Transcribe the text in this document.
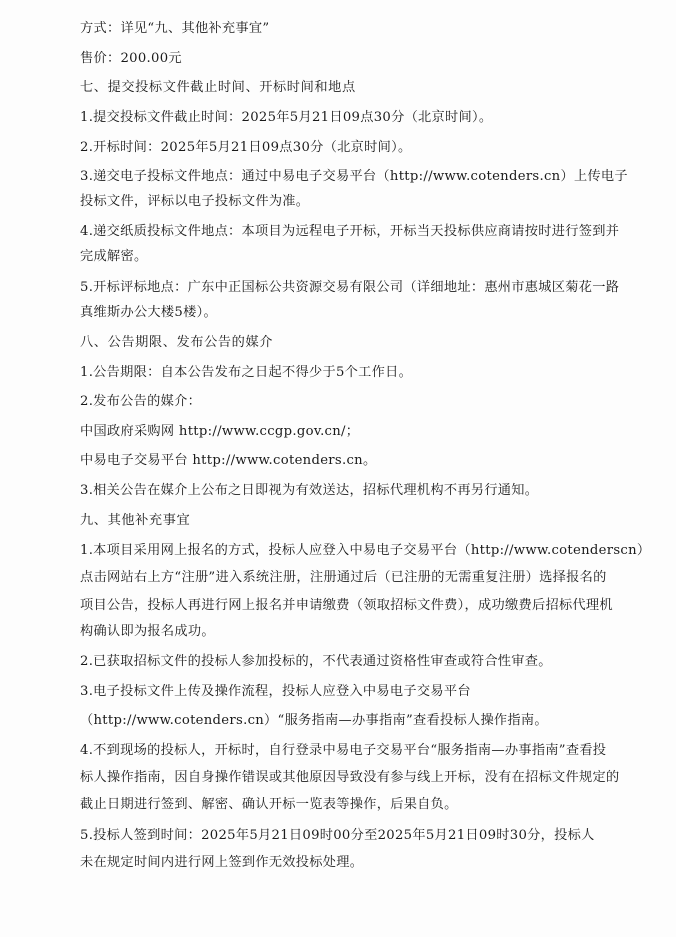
方式：详见“九、其他补充事宜”
售价：200.00元
七、提交投标文件截止时间、开标时间和地点
1.提交投标文件截止时间：2025年5月21日09点30分（北京时间）。
2.开标时间：2025年5月21日09点30分（北京时间）。
3.递交电子投标文件地点：通过中易电子交易平台（http://www.cotenders.cn）上传电子
投标文件，评标以电子投标文件为准。
4.递交纸质投标文件地点：本项目为远程电子开标，开标当天投标供应商请按时进行签到并
完成解密。
5.开标评标地点：广东中正国标公共资源交易有限公司（详细地址：惠州市惠城区菊花一路
真维斯办公大楼5楼）。
八、公告期限、发布公告的媒介
1.公告期限：自本公告发布之日起不得少于5个工作日。
2.发布公告的媒介：
中国政府采购网 http://www.ccgp.gov.cn/；
中易电子交易平台 http://www.cotenders.cn。
3.相关公告在媒介上公布之日即视为有效送达，招标代理机构不再另行通知。
九、其他补充事宜
1.本项目采用网上报名的方式，投标人应登入中易电子交易平台（http://www.cotenderscn）
点击网站右上方“注册”进入系统注册，注册通过后（已注册的无需重复注册）选择报名的
项目公告，投标人再进行网上报名并申请缴费（领取招标文件费），成功缴费后招标代理机
构确认即为报名成功。
2.已获取招标文件的投标人参加投标的，不代表通过资格性审查或符合性审查。
3.电子投标文件上传及操作流程，投标人应登入中易电子交易平台
（http://www.cotenders.cn）“服务指南—办事指南”查看投标人操作指南。
4.不到现场的投标人，开标时，自行登录中易电子交易平台“服务指南—办事指南”查看投
标人操作指南，因自身操作错误或其他原因导致没有参与线上开标，没有在招标文件规定的
截止日期进行签到、解密、确认开标一览表等操作，后果自负。
5.投标人签到时间：2025年5月21日09时00分至2025年5月21日09时30分，投标人
未在规定时间内进行网上签到作无效投标处理。
